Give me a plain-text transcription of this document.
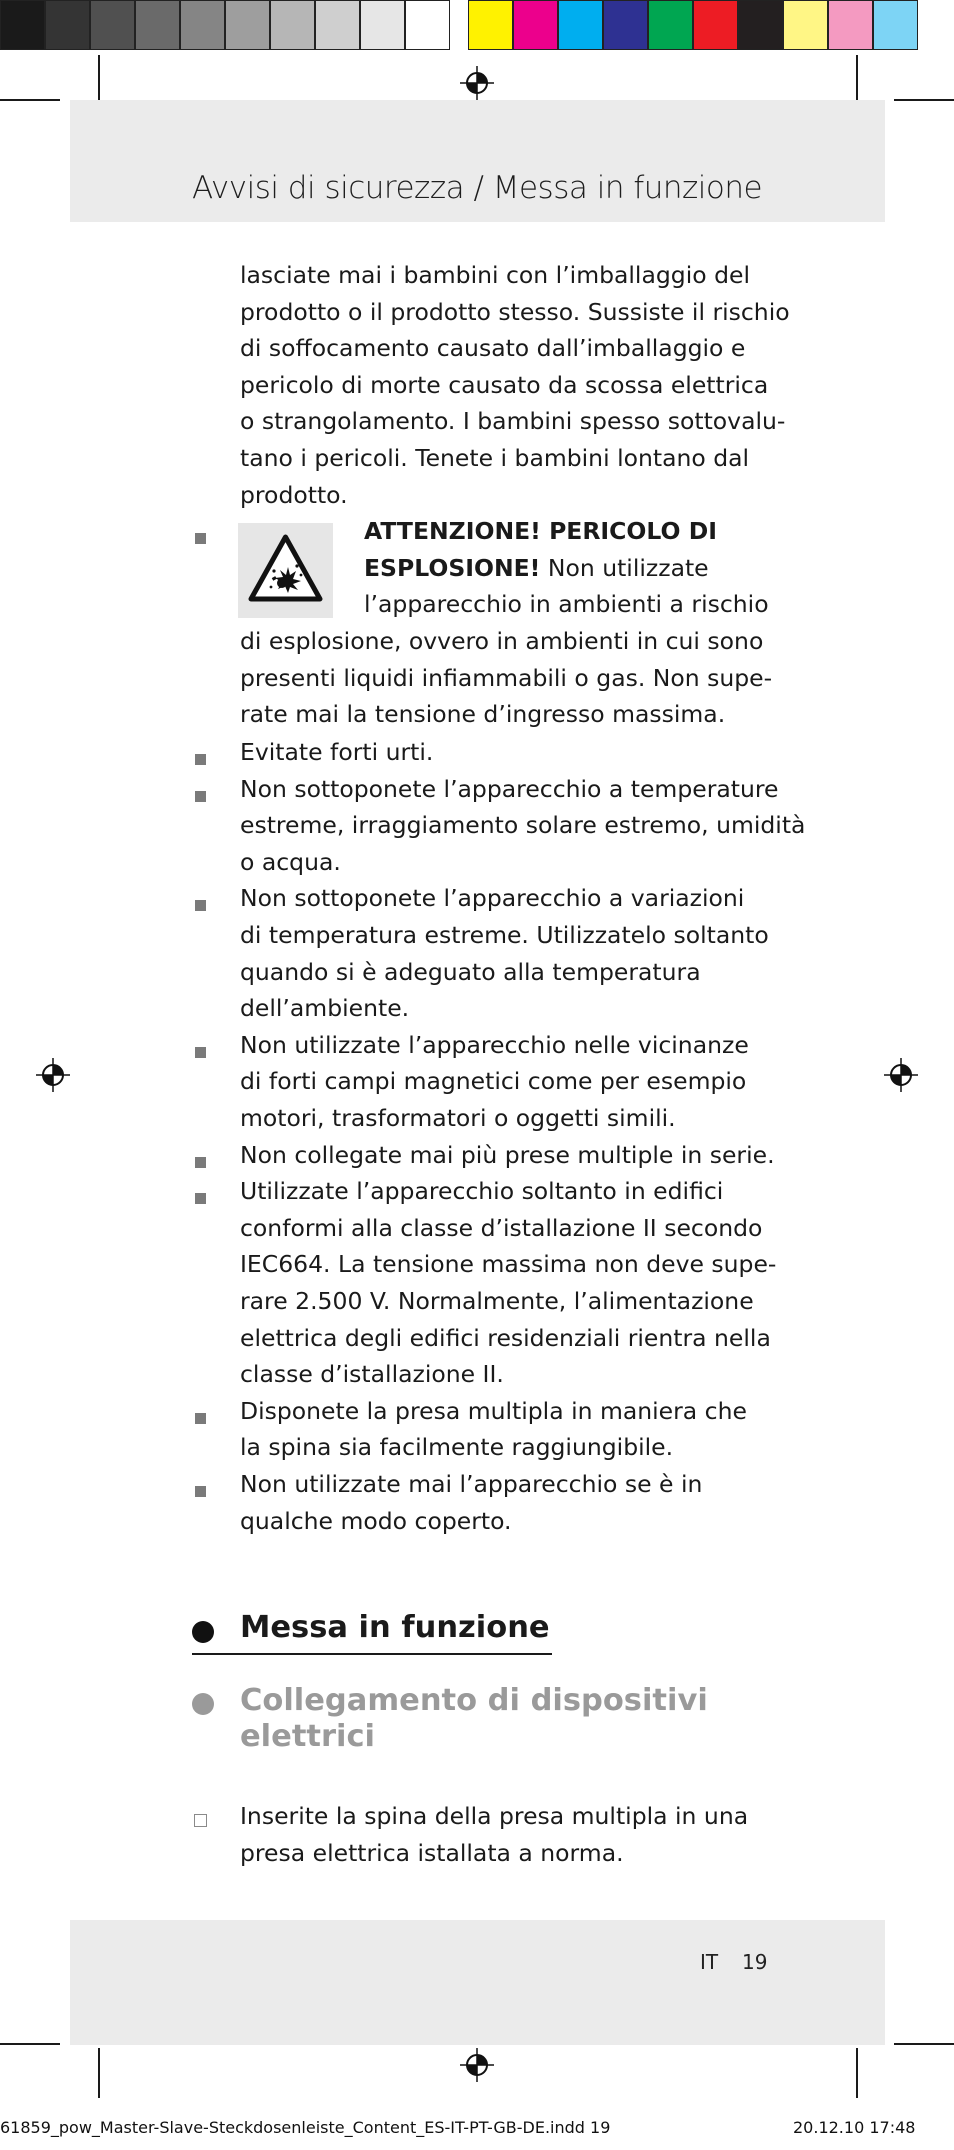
Avvisi di sicurezza / Messa in funzione
lasciate mai i bambini con l’imballaggio del
prodotto o il prodotto stesso. Sussiste il rischio
di soffocamento causato dall’imballaggio e
pericolo di morte causato da scossa elettrica
o strangolamento. I bambini spesso sottovalu-
tano i pericoli. Tenete i bambini lontano dal
prodotto.
ATTENZIONE! PERICOLO DI
ESPLOSIONE! Non utilizzate
l’apparecchio in ambienti a rischio
di esplosione, ovvero in ambienti in cui sono
presenti liquidi infiammabili o gas. Non supe-
rate mai la tensione d’ingresso massima.
Evitate forti urti.
Non sottoponete l’apparecchio a temperature
estreme, irraggiamento solare estremo, umidità
o acqua.
Non sottoponete l’apparecchio a variazioni
di temperatura estreme. Utilizzatelo soltanto
quando si è adeguato alla temperatura
dell’ambiente.
Non utilizzate l’apparecchio nelle vicinanze
di forti campi magnetici come per esempio
motori, trasformatori o oggetti simili.
Non collegate mai più prese multiple in serie.
Utilizzate l’apparecchio soltanto in edifici
conformi alla classe d’istallazione II secondo
IEC664. La tensione massima non deve supe-
rare 2.500 V. Normalmente, l’alimentazione
elettrica degli edifici residenziali rientra nella
classe d’istallazione II.
Disponete la presa multipla in maniera che
la spina sia facilmente raggiungibile.
Non utilizzate mai l’apparecchio se è in
qualche modo coperto.
Messa in funzione
Collegamento di dispositivi
elettrici
Inserite la spina della presa multipla in una
presa elettrica istallata a norma.
IT 19
61859_pow_Master-Slave-Steckdosenleiste_Content_ES-IT-PT-GB-DE.indd 19	20.12.10 17:48
